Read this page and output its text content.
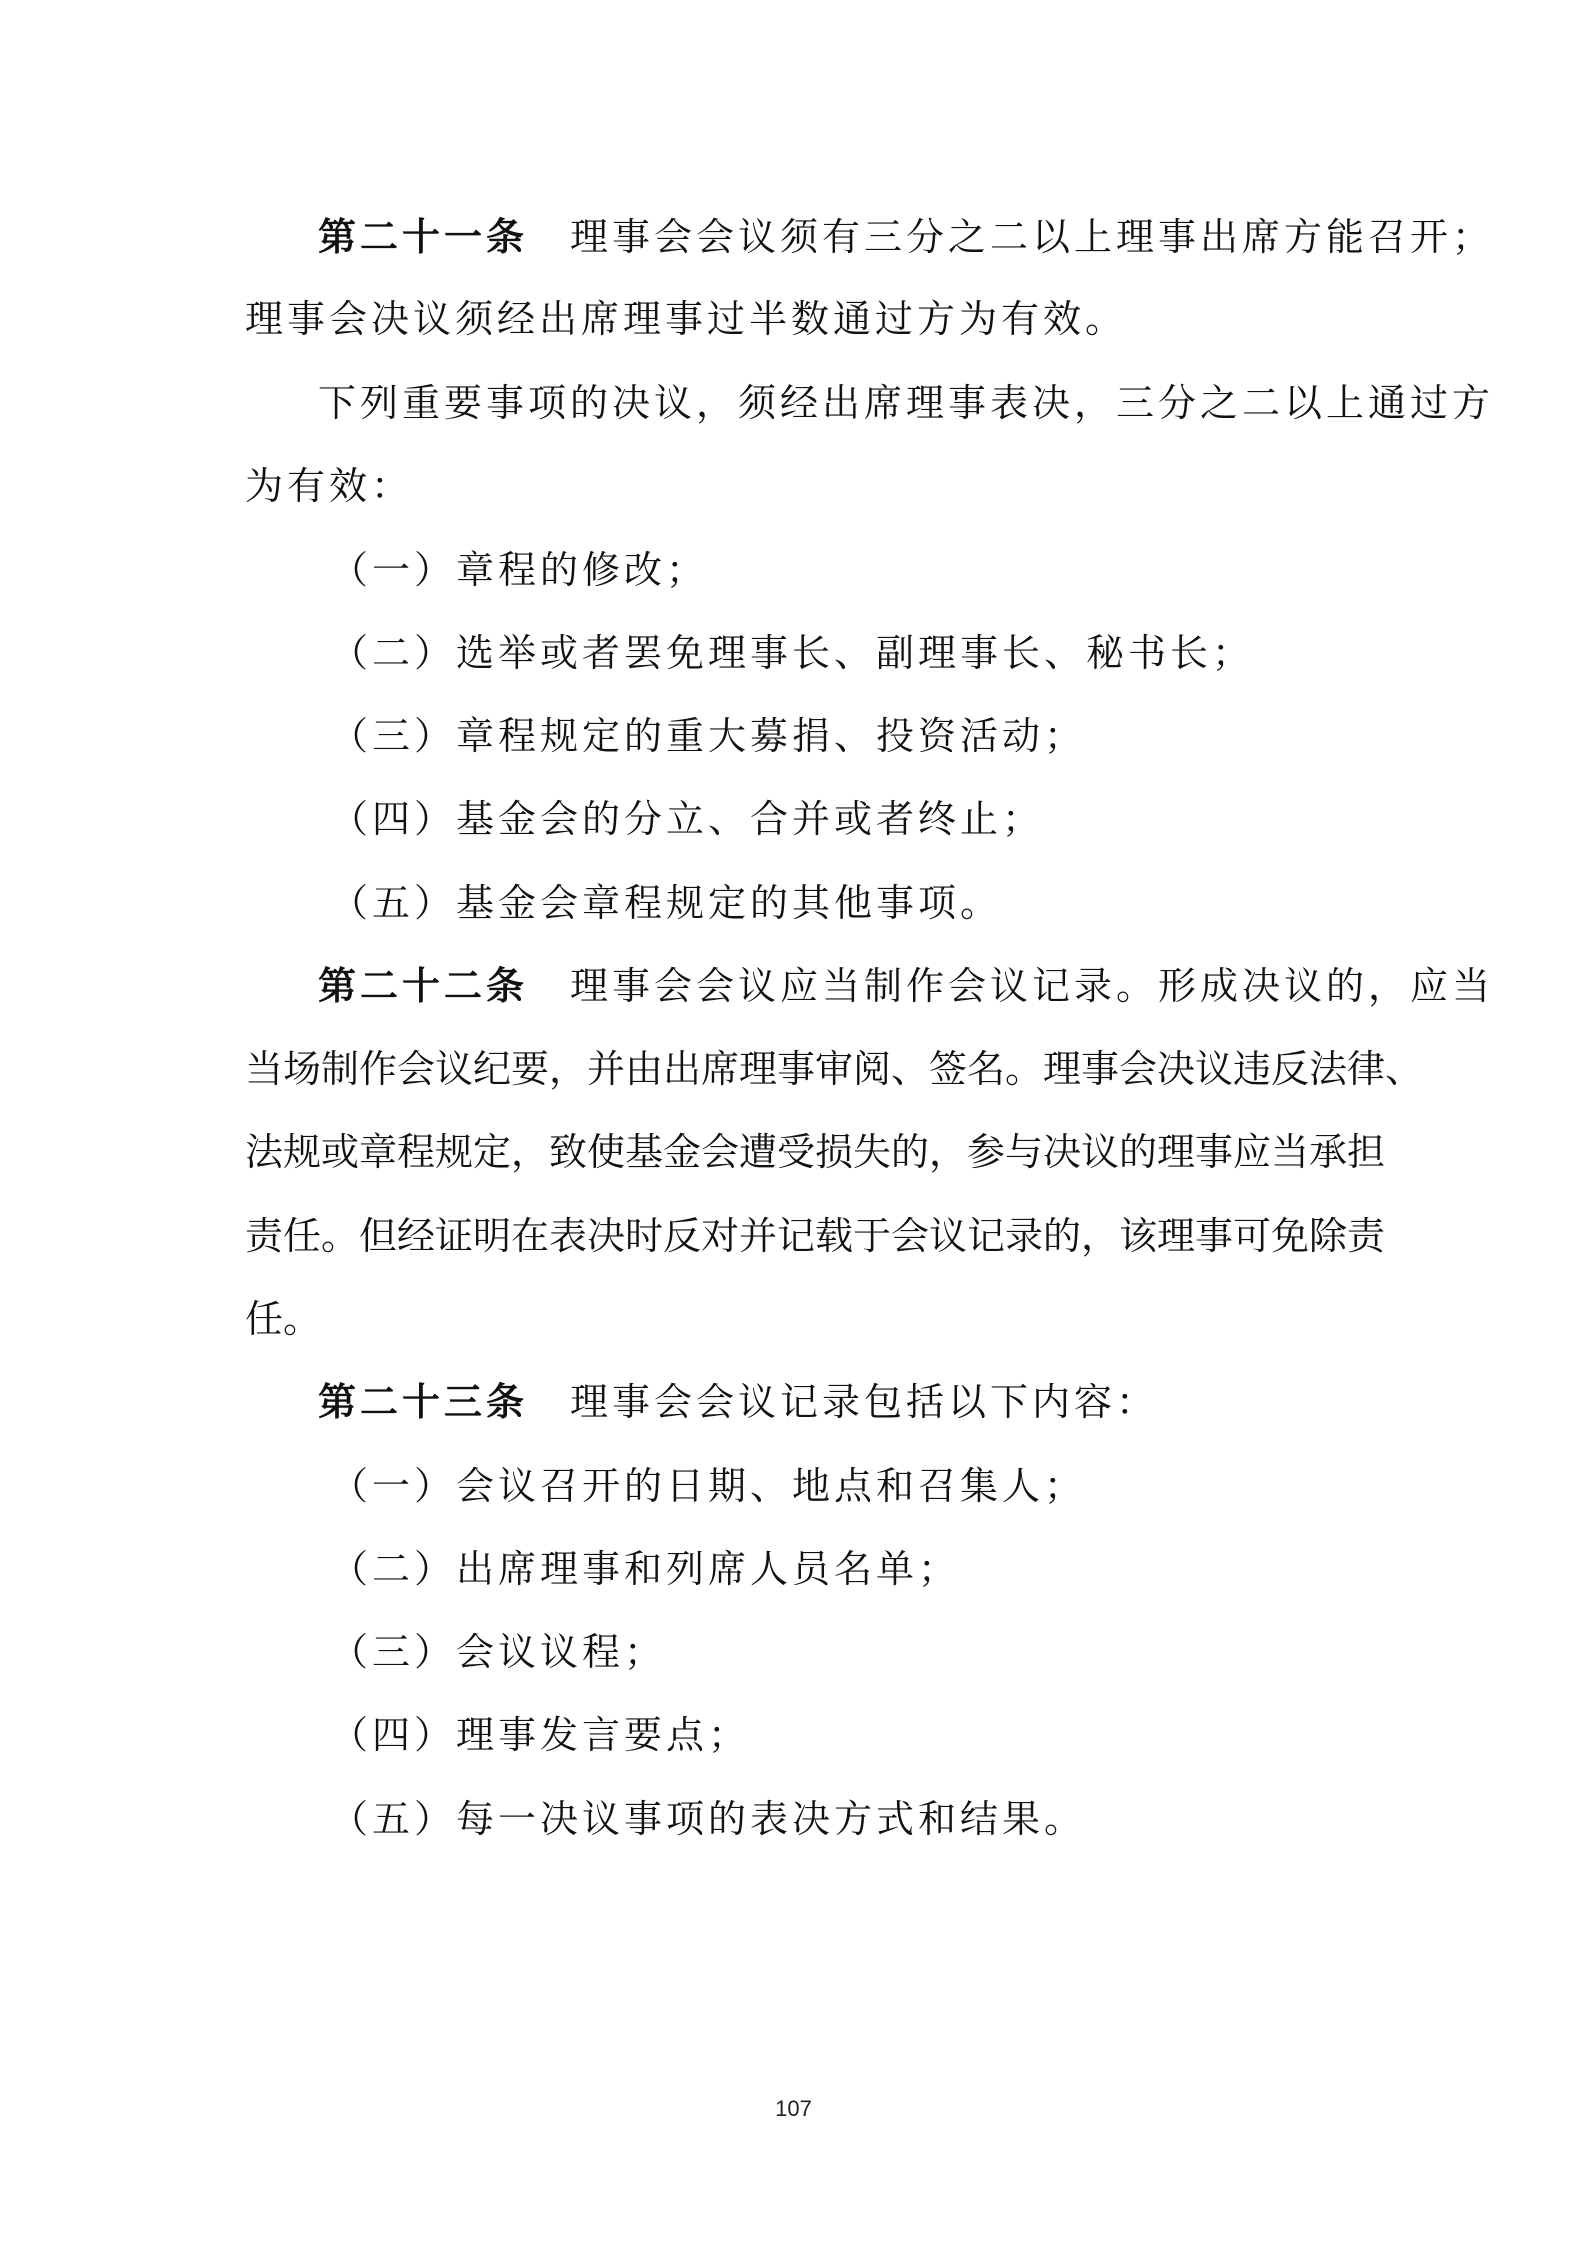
第二十一条 理事会会议须有三分之二以上理事出席方能召开；
理事会决议须经出席理事过半数通过方为有效。
下列重要事项的决议，须经出席理事表决，三分之二以上通过方
为有效：
（一）章程的修改；
（二）选举或者罢免理事长、副理事长、秘书长；
（三）章程规定的重大募捐、投资活动；
（四）基金会的分立、合并或者终止；
（五）基金会章程规定的其他事项。
第二十二条 理事会会议应当制作会议记录。形成决议的，应当
当场制作会议纪要，并由出席理事审阅、签名。理事会决议违反法律、
法规或章程规定，致使基金会遭受损失的，参与决议的理事应当承担
责任。但经证明在表决时反对并记载于会议记录的，该理事可免除责
任。
第二十三条 理事会会议记录包括以下内容：
（一）会议召开的日期、地点和召集人；
（二）出席理事和列席人员名单；
（三）会议议程；
（四）理事发言要点；
（五）每一决议事项的表决方式和结果。
107
